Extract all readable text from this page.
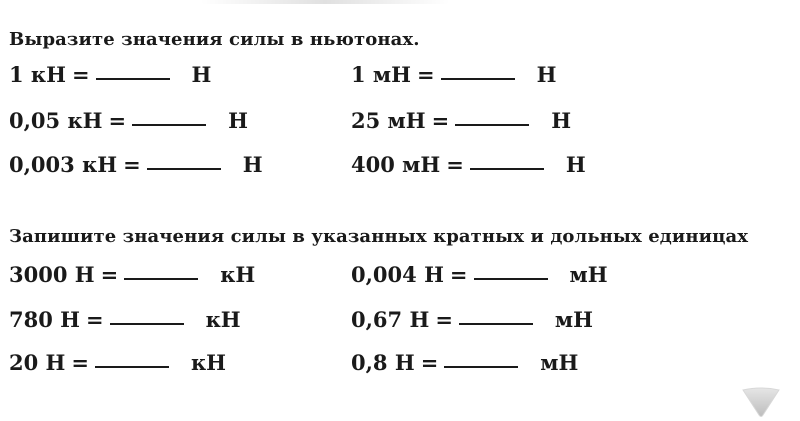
Выразите значения силы в ньютонах.
1 кН =	Н	1 мН =	Н
0,05 кН =	Н	25 мН =	Н
0,003 кН =	Н	400 мН =	Н
Запишите значения силы в указанных кратных и дольных единицах
3000 Н =	кН	0,004 Н =	мН
780 Н =	кН	0,67 Н =	мН
20 Н =	кН	0,8 Н =	мН
